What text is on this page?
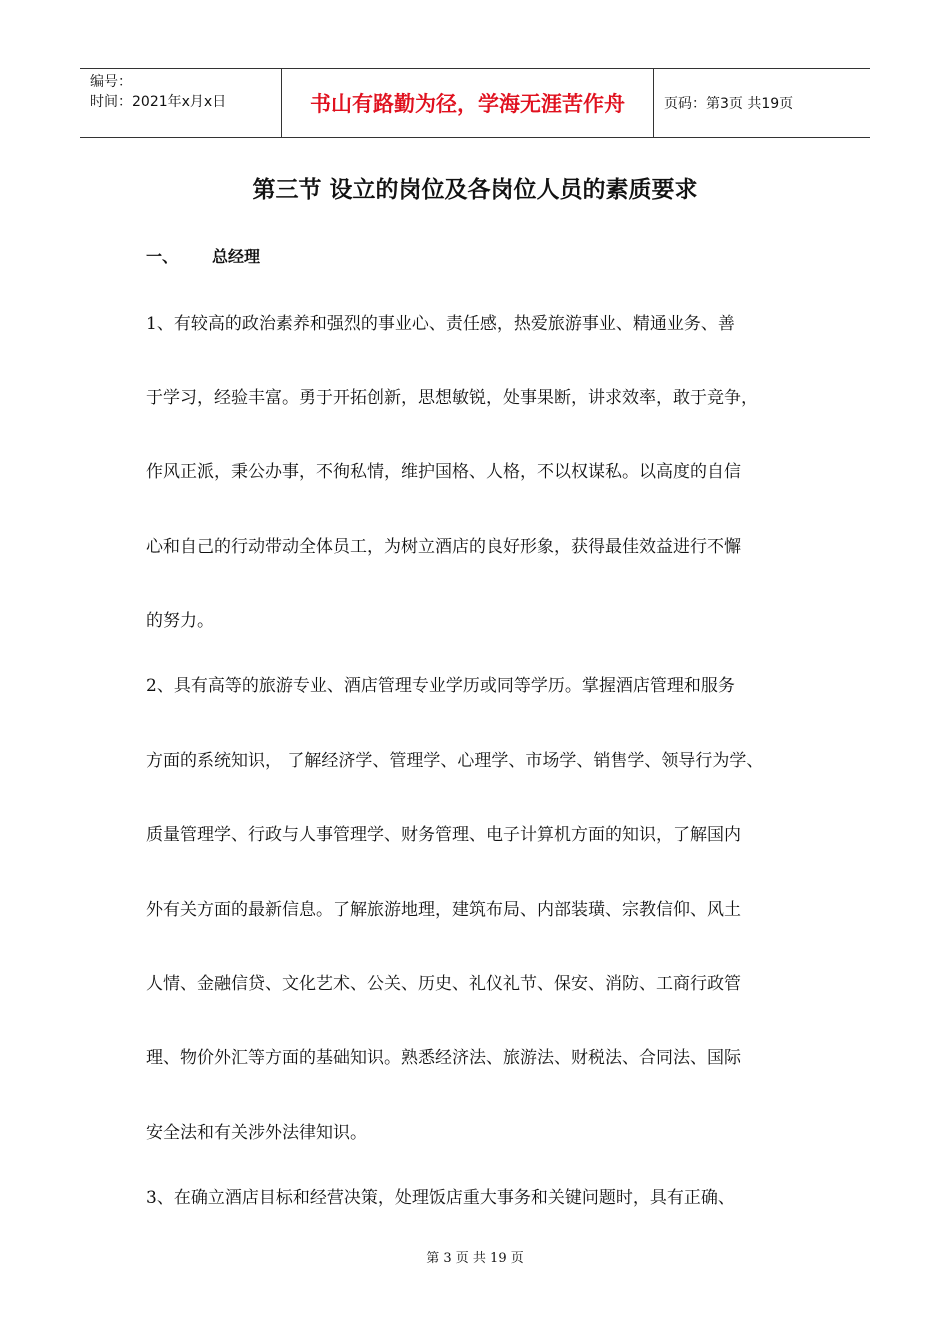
编号：
时间：2021年x月x日	书山有路勤为径，学海无涯苦作舟	页码：第3页 共19页
第三节 设立的岗位及各岗位人员的素质要求
一、 总经理
1、有较高的政治素养和强烈的事业心、责任感，热爱旅游事业、精通业务、善
于学习，经验丰富。勇于开拓创新，思想敏锐，处事果断，讲求效率，敢于竞争，
作风正派，秉公办事，不徇私情，维护国格、人格，不以权谋私。以高度的自信
心和自己的行动带动全体员工，为树立酒店的良好形象，获得最佳效益进行不懈
的努力。
2、具有高等的旅游专业、酒店管理专业学历或同等学历。掌握酒店管理和服务
方面的系统知识， 了解经济学、管理学、心理学、市场学、销售学、领导行为学、
质量管理学、行政与人事管理学、财务管理、电子计算机方面的知识，了解国内
外有关方面的最新信息。了解旅游地理，建筑布局、内部装璜、宗教信仰、风土
人情、金融信贷、文化艺术、公关、历史、礼仪礼节、保安、消防、工商行政管
理、物价外汇等方面的基础知识。熟悉经济法、旅游法、财税法、合同法、国际
安全法和有关涉外法律知识。
3、在确立酒店目标和经营决策，处理饭店重大事务和关键问题时，具有正确、
第 3 页 共 19 页
